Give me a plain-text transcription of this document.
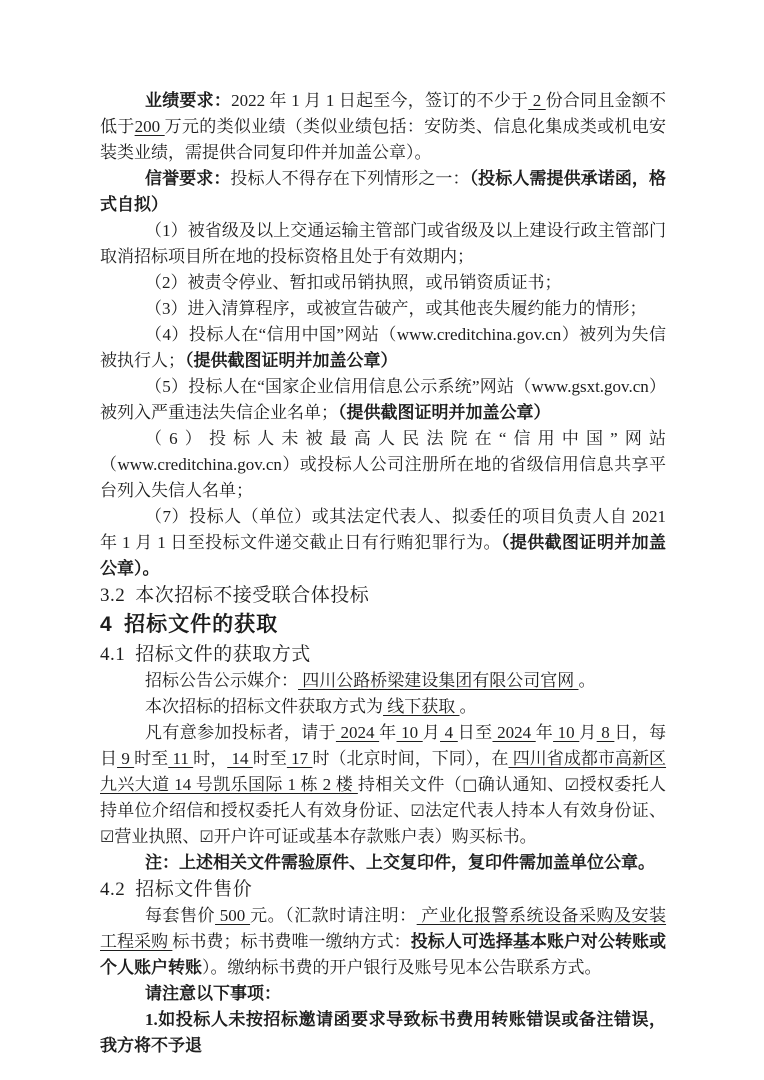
业绩要求：2022 年 1 月 1 日起至今，签订的不少于 2 份合同且金额不低于200 万元的类似业绩（类似业绩包括：安防类、信息化集成类或机电安装类业绩，需提供合同复印件并加盖公章）。

信誉要求：投标人不得存在下列情形之一：（投标人需提供承诺函，格式自拟）

（1）被省级及以上交通运输主管部门或省级及以上建设行政主管部门取消招标项目所在地的投标资格且处于有效期内；

（2）被责令停业、暂扣或吊销执照，或吊销资质证书；

（3）进入清算程序，或被宣告破产，或其他丧失履约能力的情形；

（4）投标人在“信用中国”网站（www.creditchina.gov.cn）被列为失信被执行人；（提供截图证明并加盖公章）

（5）投标人在“国家企业信用信息公示系统”网站（www.gsxt.gov.cn）被列入严重违法失信企业名单；（提供截图证明并加盖公章）

（6）投标人未被最高人民法院在“信用中国”网站（www.creditchina.gov.cn）或投标人公司注册所在地的省级信用信息共享平台列入失信人名单；

（7）投标人（单位）或其法定代表人、拟委任的项目负责人自 2021 年 1 月 1 日至投标文件递交截止日有行贿犯罪行为。（提供截图证明并加盖公章）。

3.2 本次招标不接受联合体投标
4 招标文件的获取
4.1 招标文件的获取方式

招标公告公示媒介： 四川公路桥梁建设集团有限公司官网 。

本次招标的招标文件获取方式为 线下获取 。

凡有意参加投标者，请于 2024 年 10 月 4 日至 2024 年 10 月 8 日，每日 9 时至 11 时， 14 时至 17 时（北京时间，下同），在 四川省成都市高新区九兴大道 14 号凯乐国际 1 栋 2 楼 持相关文件（□确认通知、☑授权委托人持单位介绍信和授权委托人有效身份证、☑法定代表人持本人有效身份证、☑营业执照、☑开户许可证或基本存款账户表）购买标书。

注：上述相关文件需验原件、上交复印件，复印件需加盖单位公章。

4.2 招标文件售价

每套售价 500 元。（汇款时请注明： 产业化报警系统设备采购及安装工程采购 标书费；标书费唯一缴纳方式：投标人可选择基本账户对公转账或个人账户转账）。缴纳标书费的开户银行及账号见本公告联系方式。

请注意以下事项：

1.如投标人未按招标邀请函要求导致标书费用转账错误或备注错误，我方将不予退
